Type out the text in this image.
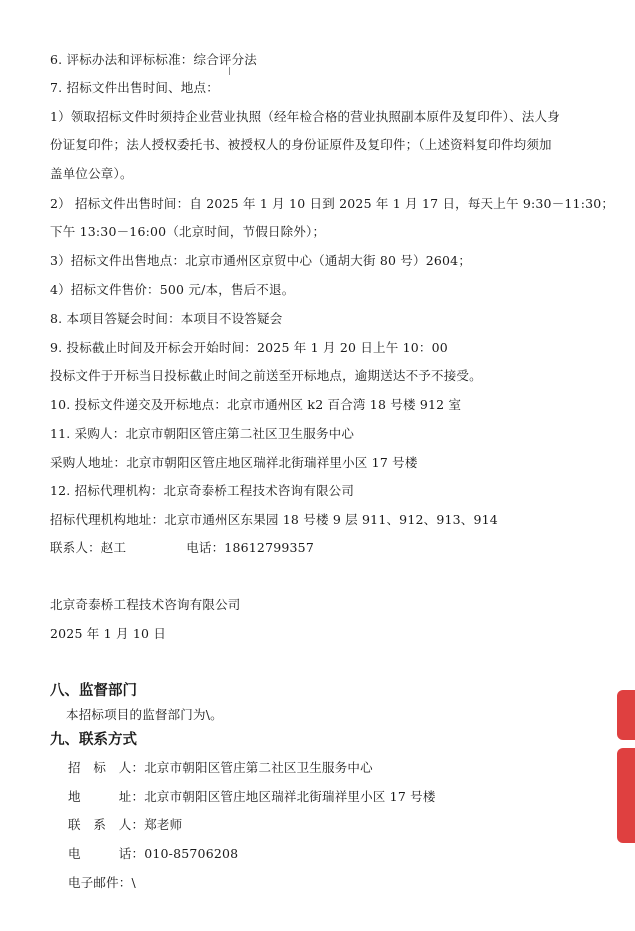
6. 评标办法和评标标准：综合评分法

7. 招标文件出售时间、地点：

1）领取招标文件时须持企业营业执照（经年检合格的营业执照副本原件及复印件）、法人身

份证复印件；法人授权委托书、被授权人的身份证原件及复印件；（上述资料复印件均须加

盖单位公章）。

2） 招标文件出售时间：自 2025 年 1 月 10 日到 2025 年 1 月 17 日，每天上午 9:30－11:30；

下午 13:30－16:00（北京时间，节假日除外）；

3）招标文件出售地点：北京市通州区京贸中心（通胡大街 80 号）2604；

4）招标文件售价：500 元/本，售后不退。

8. 本项目答疑会时间：本项目不设答疑会

9. 投标截止时间及开标会开始时间：2025 年 1 月 20 日上午 10：00

投标文件于开标当日投标截止时间之前送至开标地点，逾期送达不予不接受。

10. 投标文件递交及开标地点：北京市通州区 k2 百合湾 18 号楼 912 室

11. 采购人：北京市朝阳区管庄第二社区卫生服务中心

采购人地址：北京市朝阳区管庄地区瑞祥北街瑞祥里小区 17 号楼

12. 招标代理机构：北京奇泰桥工程技术咨询有限公司

招标代理机构地址：北京市通州区东果园 18 号楼 9 层 911、912、913、914

联系人：赵工	电话：18612799357

北京奇泰桥工程技术咨询有限公司

2025 年 1 月 10 日

八、监督部门

本招标项目的监督部门为\。

九、联系方式

招　标　人：北京市朝阳区管庄第二社区卫生服务中心

地　　　址：北京市朝阳区管庄地区瑞祥北街瑞祥里小区 17 号楼

联　系　人：郑老师

电　　　话：010-85706208

电子邮件：\
